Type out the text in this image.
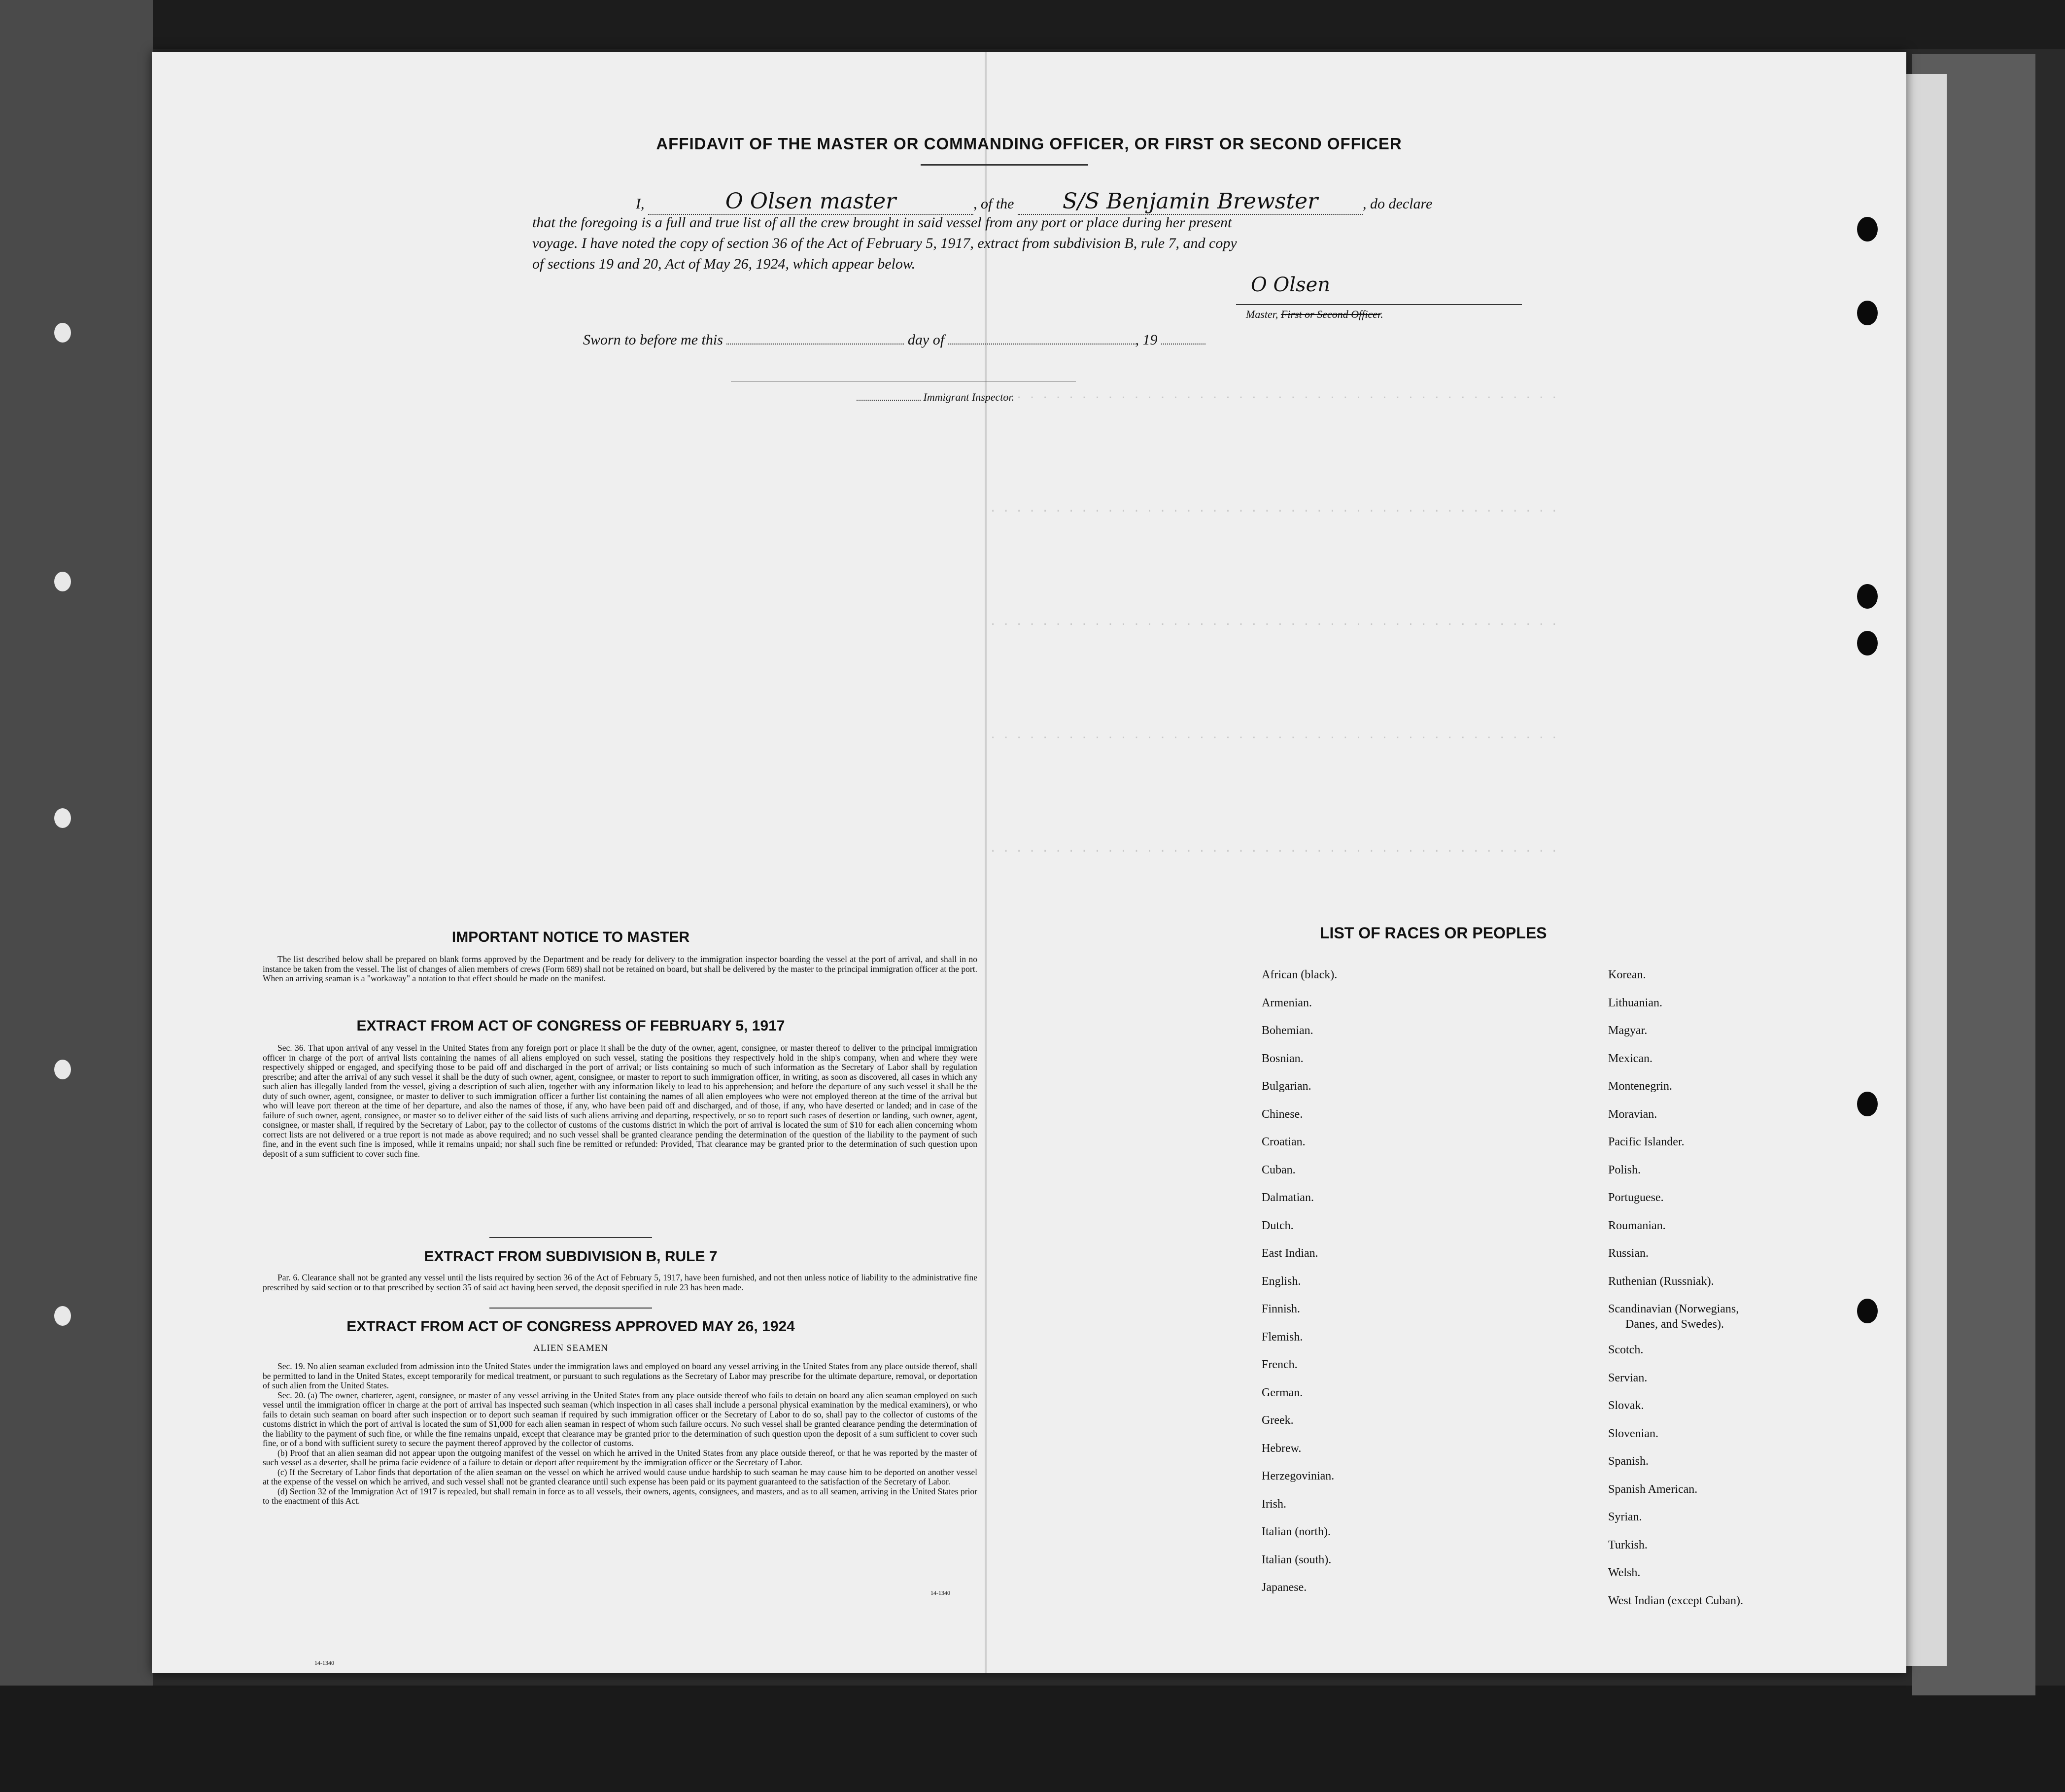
· · · · · · · · · · · · · · · · · · · · · · · · · · · · · · · · · · · · · · · · · · · ·
· · · · · · · · · · · · · · · · · · · · · · · · · · · · · · · · · · · · · · · · · · · ·
· · · · · · · · · · · · · · · · · · · · · · · · · · · · · · · · · · · · · · · · · · · ·
· · · · · · · · · · · · · · · · · · · · · · · · · · · · · · · · · · · · · · · · · · · ·
· · · · · · · · · · · · · · · · · · · · · · · · · · · · · · · · · · · · · · · · · · · ·
AFFIDAVIT OF THE MASTER OR COMMANDING OFFICER, OR FIRST OR SECOND OFFICER
I,	O Olsen master	, of the S/S Benjamin Brewster	, do declare
that the foregoing is a full and true list of all the crew brought in said vessel from any port or place during her present
voyage. I have noted the copy of section 36 of the Act of February 5, 1917, extract from subdivision B, rule 7, and copy
of sections 19 and 20, Act of May 26, 1924, which appear below.
O Olsen
Master, First or Second Officer.
Sworn to before me this	day of	, 19
Immigrant Inspector.
IMPORTANT NOTICE TO MASTER

The list described below shall be prepared on blank forms approved by the Department and be ready for delivery to the immigration inspector boarding the vessel at the port of arrival, and shall in no instance be taken from the vessel. The list of changes of alien members of crews (Form 689) shall not be retained on board, but shall be delivered by the master to the principal immigration officer at the port. When an arriving seaman is a "workaway" a notation to that effect should be made on the manifest.

EXTRACT FROM ACT OF CONGRESS OF FEBRUARY 5, 1917

Sec. 36. That upon arrival of any vessel in the United States from any foreign port or place it shall be the duty of the owner, agent, consignee, or master thereof to deliver to the principal immigration officer in charge of the port of arrival lists containing the names of all aliens employed on such vessel, stating the positions they respectively hold in the ship's company, when and where they were respectively shipped or engaged, and specifying those to be paid off and discharged in the port of arrival; or lists containing so much of such information as the Secretary of Labor shall by regulation prescribe; and after the arrival of any such vessel it shall be the duty of such owner, agent, consignee, or master to report to such immigration officer, in writing, as soon as discovered, all cases in which any such alien has illegally landed from the vessel, giving a description of such alien, together with any information likely to lead to his apprehension; and before the departure of any such vessel it shall be the duty of such owner, agent, consignee, or master to deliver to such immigration officer a further list containing the names of all alien employees who were not employed thereon at the time of the arrival but who will leave port thereon at the time of her departure, and also the names of those, if any, who have been paid off and discharged, and of those, if any, who have deserted or landed; and in case of the failure of such owner, agent, consignee, or master so to deliver either of the said lists of such aliens arriving and departing, respectively, or so to report such cases of desertion or landing, such owner, agent, consignee, or master shall, if required by the Secretary of Labor, pay to the collector of customs of the customs district in which the port of arrival is located the sum of $10 for each alien concerning whom correct lists are not delivered or a true report is not made as above required; and no such vessel shall be granted clearance pending the determination of the question of the liability to the payment of such fine, and in the event such fine is imposed, while it remains unpaid; nor shall such fine be remitted or refunded: Provided, That clearance may be granted prior to the determination of such question upon deposit of a sum sufficient to cover such fine.

EXTRACT FROM SUBDIVISION B, RULE 7

Par. 6. Clearance shall not be granted any vessel until the lists required by section 36 of the Act of February 5, 1917, have been furnished, and not then unless notice of liability to the administrative fine prescribed by said section or to that prescribed by section 35 of said act having been served, the deposit specified in rule 23 has been made.

EXTRACT FROM ACT OF CONGRESS APPROVED MAY 26, 1924
ALIEN SEAMEN

Sec. 19. No alien seaman excluded from admission into the United States under the immigration laws and employed on board any vessel arriving in the United States from any place outside thereof, shall be permitted to land in the United States, except temporarily for medical treatment, or pursuant to such regulations as the Secretary of Labor may prescribe for the ultimate departure, removal, or deportation of such alien from the United States.

Sec. 20. (a) The owner, charterer, agent, consignee, or master of any vessel arriving in the United States from any place outside thereof who fails to detain on board any alien seaman employed on such vessel until the immigration officer in charge at the port of arrival has inspected such seaman (which inspection in all cases shall include a personal physical examination by the medical examiners), or who fails to detain such seaman on board after such inspection or to deport such seaman if required by such immigration officer or the Secretary of Labor to do so, shall pay to the collector of customs of the customs district in which the port of arrival is located the sum of $1,000 for each alien seaman in respect of whom such failure occurs. No such vessel shall be granted clearance pending the determination of the liability to the payment of such fine, or while the fine remains unpaid, except that clearance may be granted prior to the determination of such question upon the deposit of a sum sufficient to cover such fine, or of a bond with sufficient surety to secure the payment thereof approved by the collector of customs.

(b) Proof that an alien seaman did not appear upon the outgoing manifest of the vessel on which he arrived in the United States from any place outside thereof, or that he was reported by the master of such vessel as a deserter, shall be prima facie evidence of a failure to detain or deport after requirement by the immigration officer or the Secretary of Labor.

(c) If the Secretary of Labor finds that deportation of the alien seaman on the vessel on which he arrived would cause undue hardship to such seaman he may cause him to be deported on another vessel at the expense of the vessel on which he arrived, and such vessel shall not be granted clearance until such expense has been paid or its payment guaranteed to the satisfaction of the Secretary of Labor.

(d) Section 32 of the Immigration Act of 1917 is repealed, but shall remain in force as to all vessels, their owners, agents, consignees, and masters, and as to all seamen, arriving in the United States prior to the enactment of this Act.

14-1340
LIST OF RACES OR PEOPLES
14-1340
African (black).
Armenian.
Bohemian.
Bosnian.
Bulgarian.
Chinese.
Croatian.
Cuban.
Dalmatian.
Dutch.
East Indian.
English.
Finnish.
Flemish.
French.
German.
Greek.
Hebrew.
Herzegovinian.
Irish.
Italian (north).
Italian (south).
Japanese.
Korean.
Lithuanian.
Magyar.
Mexican.
Montenegrin.
Moravian.
Pacific Islander.
Polish.
Portuguese.
Roumanian.
Russian.
Ruthenian (Russniak).
Scandinavian (Norwegians,
Danes, and Swedes).
Scotch.
Servian.
Slovak.
Slovenian.
Spanish.
Spanish American.
Syrian.
Turkish.
Welsh.
West Indian (except Cuban).
